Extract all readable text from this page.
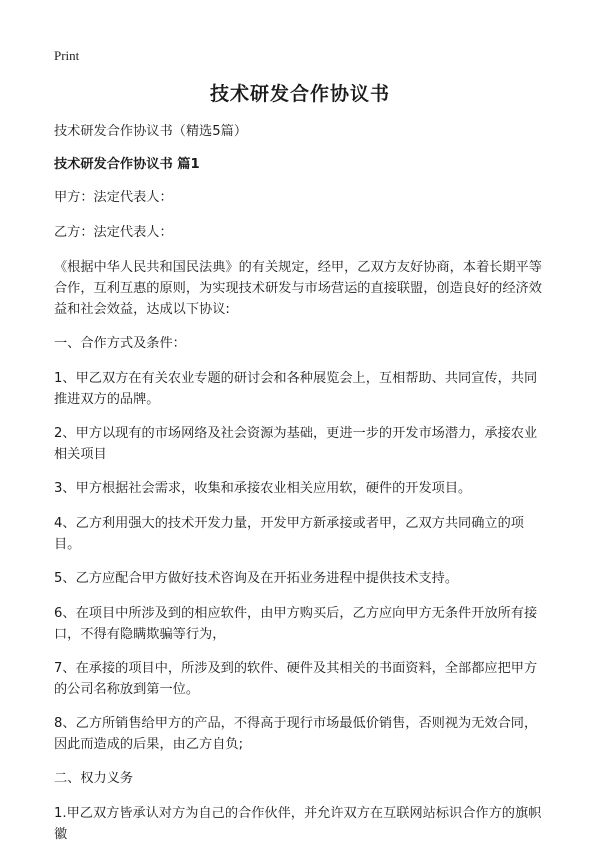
Print
技术研发合作协议书

技术研发合作协议书（精选5篇）

技术研发合作协议书 篇1

甲方：法定代表人：

乙方：法定代表人：

《根据中华人民共和国民法典》的有关规定，经甲，乙双方友好协商，本着长期平等合作，互利互惠的原则，为实现技术研发与市场营运的直接联盟，创造良好的经济效益和社会效益，达成以下协议:

一、合作方式及条件：

1、甲乙双方在有关农业专题的研讨会和各种展览会上，互相帮助、共同宣传，共同推进双方的品牌。

2、甲方以现有的市场网络及社会资源为基础，更进一步的开发市场潜力，承接农业相关项目

3、甲方根据社会需求，收集和承接农业相关应用软，硬件的开发项目。

4、乙方利用强大的技术开发力量，开发甲方新承接或者甲，乙双方共同确立的项目。

5、乙方应配合甲方做好技术咨询及在开拓业务进程中提供技术支持。

6、在项目中所涉及到的相应软件，由甲方购买后，乙方应向甲方无条件开放所有接口，不得有隐瞒欺骗等行为，

7、在承接的项目中，所涉及到的软件、硬件及其相关的书面资料，全部都应把甲方的公司名称放到第一位。

8、乙方所销售给甲方的产品，不得高于现行市场最低价销售，否则视为无效合同，因此而造成的后果，由乙方自负;

二、权力义务

1.甲乙双方皆承认对方为自己的合作伙伴，并允许双方在互联网站标识合作方的旗帜徽
